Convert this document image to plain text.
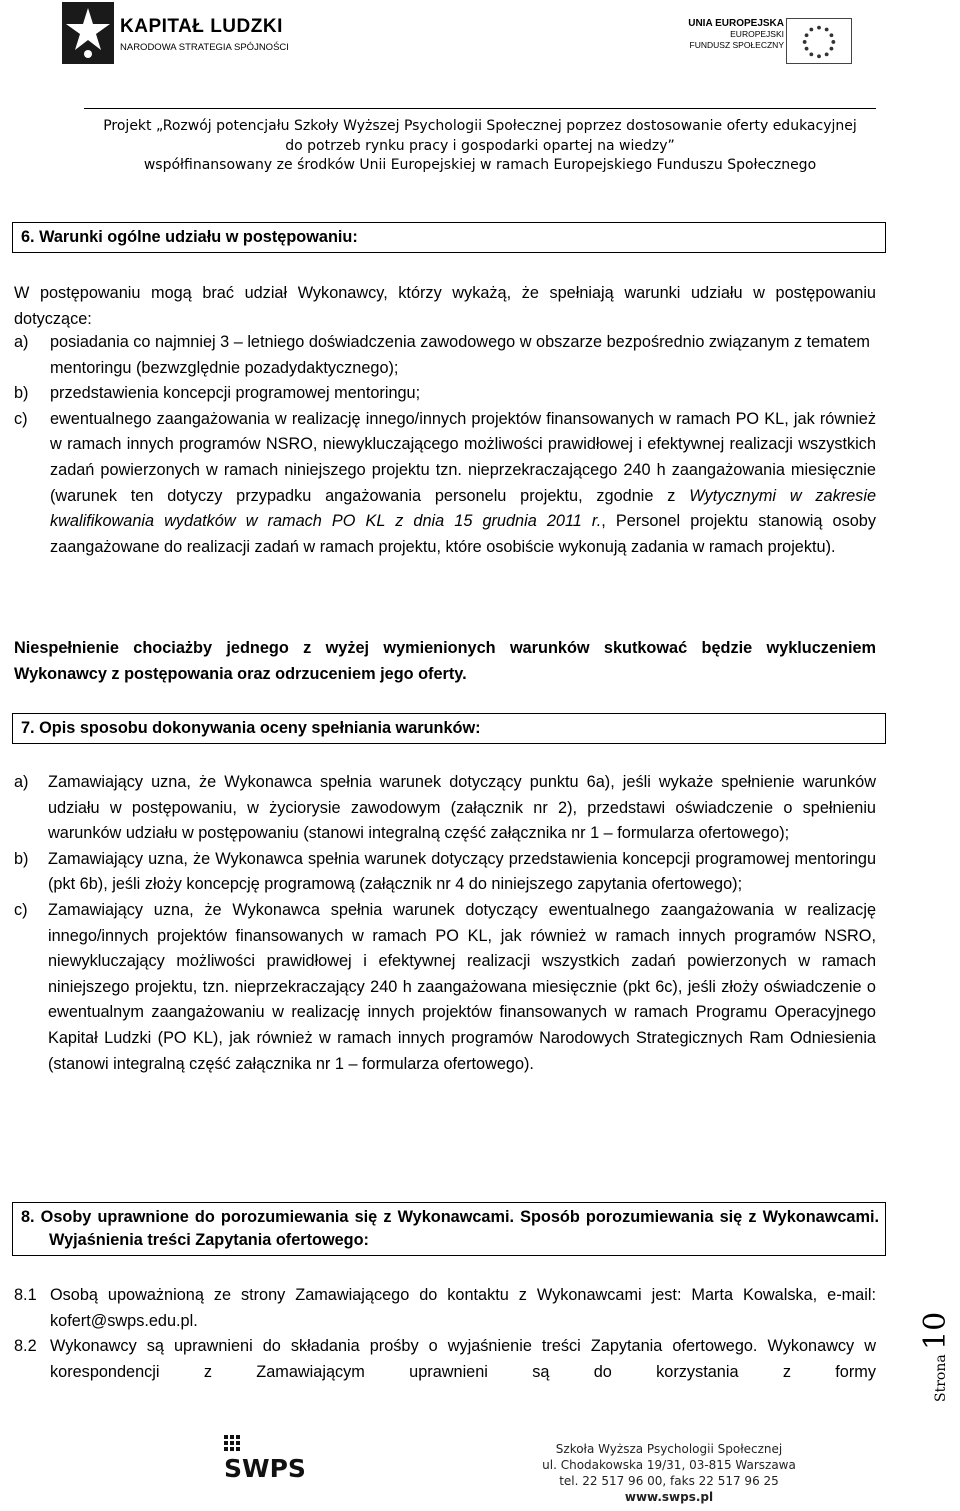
KAPITAŁ LUDZKI
NARODOWA STRATEGIA SPÓJNOŚCI
UNIA EUROPEJSKA
EUROPEJSKI
FUNDUSZ SPOŁECZNY
Projekt „Rozwój potencjału Szkoły Wyższej Psychologii Społecznej poprzez dostosowanie oferty edukacyjnej
do potrzeb rynku pracy i gospodarki opartej na wiedzy”
współfinansowany ze środków Unii Europejskiej w ramach Europejskiego Funduszu Społecznego
6. Warunki ogólne udziału w postępowaniu:
W postępowaniu mogą brać udział Wykonawcy, którzy wykażą, że spełniają warunki udziału w postępowaniu dotyczące:
a) posiadania co najmniej 3 – letniego doświadczenia zawodowego w obszarze bezpośrednio związanym z tematem mentoringu (bezwzględnie pozadydaktycznego);
b) przedstawienia koncepcji programowej mentoringu;
c) ewentualnego zaangażowania w realizację innego/innych projektów finansowanych w ramach PO KL, jak również w ramach innych programów NSRO, niewykluczającego możliwości prawidłowej i efektywnej realizacji wszystkich zadań powierzonych w ramach niniejszego projektu tzn. nieprzekraczającego 240 h zaangażowania miesięcznie (warunek ten dotyczy przypadku angażowania personelu projektu, zgodnie z Wytycznymi w zakresie kwalifikowania wydatków w ramach PO KL z dnia 15 grudnia 2011 r., Personel projektu stanowią osoby zaangażowane do realizacji zadań w ramach projektu, które osobiście wykonują zadania w ramach projektu).
Niespełnienie chociażby jednego z wyżej wymienionych warunków skutkować będzie wykluczeniem Wykonawcy z postępowania oraz odrzuceniem jego oferty.
7. Opis sposobu dokonywania oceny spełniania warunków:
a) Zamawiający uzna, że Wykonawca spełnia warunek dotyczący punktu 6a), jeśli wykaże spełnienie warunków udziału w postępowaniu, w życiorysie zawodowym (załącznik nr 2), przedstawi oświadczenie o spełnieniu warunków udziału w postępowaniu (stanowi integralną część załącznika nr 1 – formularza ofertowego);
b) Zamawiający uzna, że Wykonawca spełnia warunek dotyczący przedstawienia koncepcji programowej mentoringu (pkt 6b), jeśli złoży koncepcję programową (załącznik nr 4 do niniejszego zapytania ofertowego);
c) Zamawiający uzna, że Wykonawca spełnia warunek dotyczący ewentualnego zaangażowania w realizację innego/innych projektów finansowanych w ramach PO KL, jak również w ramach innych programów NSRO, niewykluczający możliwości prawidłowej i efektywnej realizacji wszystkich zadań powierzonych w ramach niniejszego projektu, tzn. nieprzekraczający 240 h zaangażowana miesięcznie (pkt 6c), jeśli złoży oświadczenie o ewentualnym zaangażowaniu w realizację innych projektów finansowanych w ramach Programu Operacyjnego Kapitał Ludzki (PO KL), jak również w ramach innych programów Narodowych Strategicznych Ram Odniesienia (stanowi integralną część załącznika nr 1 – formularza ofertowego).
8. Osoby uprawnione do porozumiewania się z Wykonawcami. Sposób porozumiewania się z Wykonawcami. Wyjaśnienia treści Zapytania ofertowego:
8.1 Osobą upoważnioną ze strony Zamawiającego do kontaktu z Wykonawcami jest: Marta Kowalska, e-mail: kofert@swps.edu.pl.
8.2 Wykonawcy są uprawnieni do składania prośby o wyjaśnienie treści Zapytania ofertowego. Wykonawcy w korespondencji z Zamawiającym uprawnieni są do korzystania z formy	Strona
10
SWPS
Szkoła Wyższa Psychologii Społecznej
ul. Chodakowska 19/31, 03-815 Warszawa
tel. 22 517 96 00, faks 22 517 96 25
www.swps.pl
